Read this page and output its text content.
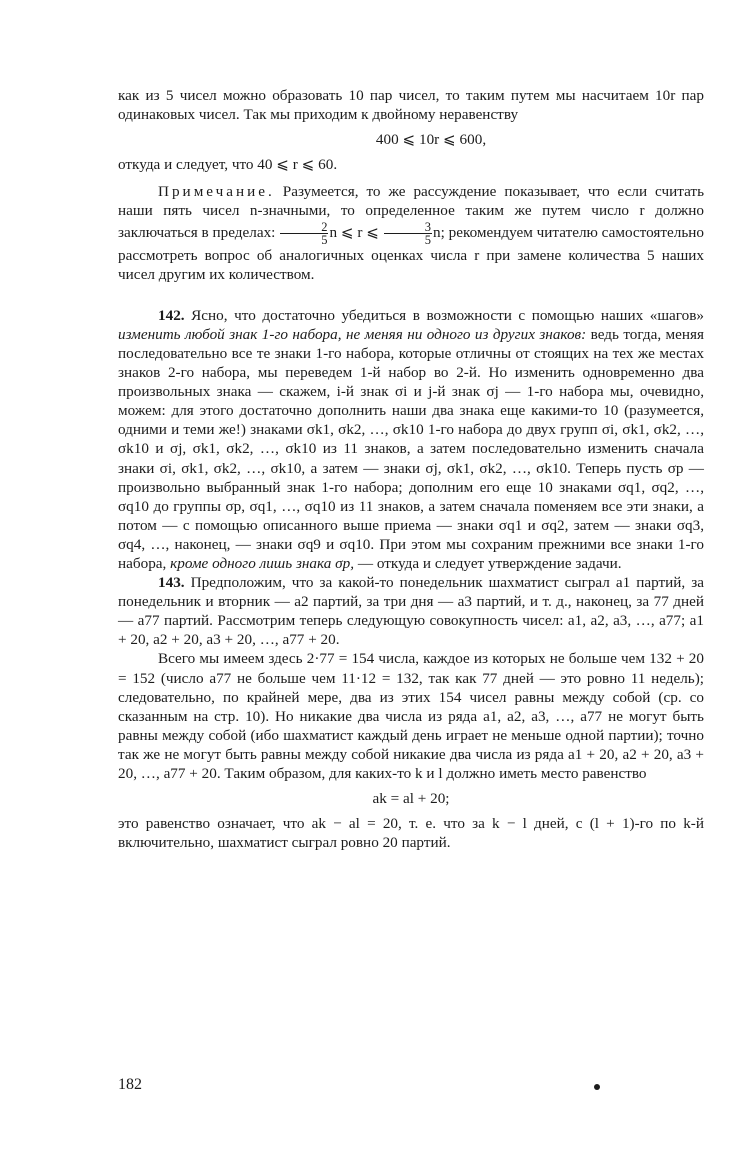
как из 5 чисел можно образовать 10 пар чисел, то таким путем мы насчитаем 10r пар одинаковых чисел. Так мы приходим к двойному неравенству

400 ⩽ 10r ⩽ 600,

откуда и следует, что 40 ⩽ r ⩽ 60.

Примечание. Разумеется, то же рассуждение показывает, что если считать наши пять чисел n-значными, то определенное таким же путем число r должно заключаться в пределах: $\frac{2}{5}$ n ⩽ r ⩽ $\frac{3}{5} n$; рекомендуем читателю самостоятельно рассмотреть вопрос об аналогичных оценках числа r при замене количества 5 наших чисел другим их количеством.

142. Ясно, что достаточно убедиться в возможности с помощью наших «шагов» изменить любой знак 1-го набора, не меняя ни одного из других знаков: ведь тогда, меняя последовательно все те знаки 1-го набора, которые отличны от стоящих на тех же местах знаков 2-го набора, мы переведем 1-й набор во 2-й. Но изменить одновременно два произвольных знака — скажем, i-й знак σi и j-й знак σj — 1-го набора мы, очевидно, можем: для этого достаточно дополнить наши два знака еще какими-то 10 (разумеется, одними и теми же!) знаками σk1, σk2, …, σk10 1-го набора до двух групп σi, σk1, σk2, …, σk10 и σj, σk1, σk2, …, σk10 из 11 знаков, а затем последовательно изменить сначала знаки σi, σk1, σk2, …, σk10, а затем — знаки σj, σk1, σk2, …, σk10. Теперь пусть σp — произвольно выбранный знак 1-го набора; дополним его еще 10 знаками σq1, σq2, …, σq10 до группы σp, σq1, …, σq10 из 11 знаков, а затем сначала поменяем все эти знаки, а потом — с помощью описанного выше приема — знаки σq1 и σq2, затем — знаки σq3, σq4, …, наконец, — знаки σq9 и σq10. При этом мы сохраним прежними все знаки 1-го набора, кроме одного лишь знака σp, — откуда и следует утверждение задачи.

143. Предположим, что за какой-то понедельник шахматист сыграл a1 партий, за понедельник и вторник — a2 партий, за три дня — a3 партий, и т. д., наконец, за 77 дней — a77 партий. Рассмотрим теперь следующую совокупность чисел: a1, a2, a3, …, a77; a1 + 20, a2 + 20, a3 + 20, …, a77 + 20.

Всего мы имеем здесь 2·77 = 154 числа, каждое из которых не больше чем 132 + 20 = 152 (число a77 не больше чем 11·12 = 132, так как 77 дней — это ровно 11 недель); следовательно, по крайней мере, два из этих 154 чисел равны между собой (ср. со сказанным на стр. 10). Но никакие два числа из ряда a1, a2, a3, …, a77 не могут быть равны между собой (ибо шахматист каждый день играет не меньше одной партии); точно так же не могут быть равны между собой никакие два числа из ряда a1 + 20, a2 + 20, a3 + 20, …, a77 + 20. Таким образом, для каких-то k и l должно иметь место равенство

ak = al + 20;

это равенство означает, что ak − al = 20, т. е. что за k − l дней, с (l + 1)-го по k-й включительно, шахматист сыграл ровно 20 партий.

182
